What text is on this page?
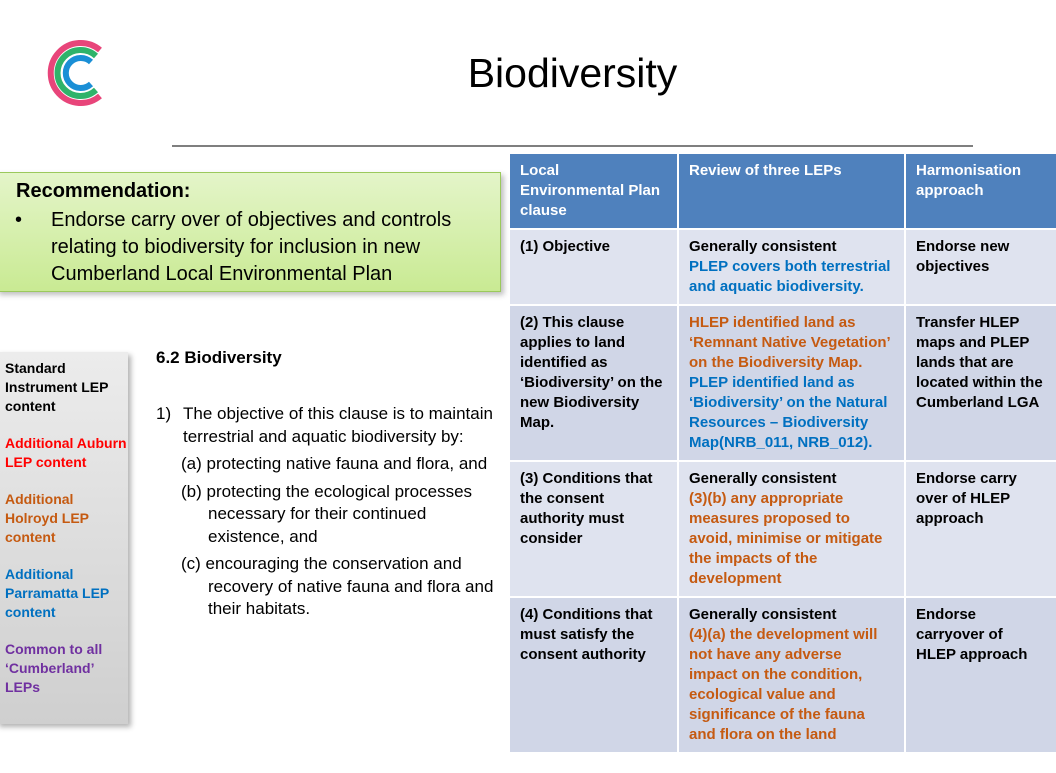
Biodiversity
Recommendation:
• Endorse carry over of objectives and controls relating to biodiversity for inclusion in new Cumberland Local Environmental Plan
Standard Instrument LEP content
Additional Auburn LEP content
Additional Holroyd LEP content
Additional Parramatta LEP content
Common to all ‘Cumberland’ LEPs
6.2 Biodiversity
1) The objective of this clause is to maintain terrestrial and aquatic biodiversity by:
(a) protecting native fauna and flora, and
(b) protecting the ecological processes necessary for their continued existence, and
(c) encouraging the conservation and recovery of native fauna and flora and their habitats.
Local Environmental Plan clause
Review of three LEPs	Harmonisation approach
(1) Objective	Generally consistent
PLEP covers both terrestrial and aquatic biodiversity.
Endorse new objectives
(2) This clause applies to land identified as ‘Biodiversity’ on the new Biodiversity Map.
HLEP identified land as ‘Remnant Native Vegetation’ on the Biodiversity Map.
PLEP identified land as ‘Biodiversity’ on the Natural Resources – Biodiversity Map(NRB_011, NRB_012).
Transfer HLEP maps and PLEP lands that are located within the Cumberland LGA
(3) Conditions that the consent authority must consider
Generally consistent
(3)(b) any appropriate measures proposed to avoid, minimise or mitigate the impacts of the development
Endorse carry over of HLEP approach
(4) Conditions that must satisfy the consent authority
Generally consistent
(4)(a) the development will not have any adverse impact on the condition, ecological value and significance of the fauna and flora on the land
Endorse carryover of HLEP approach
